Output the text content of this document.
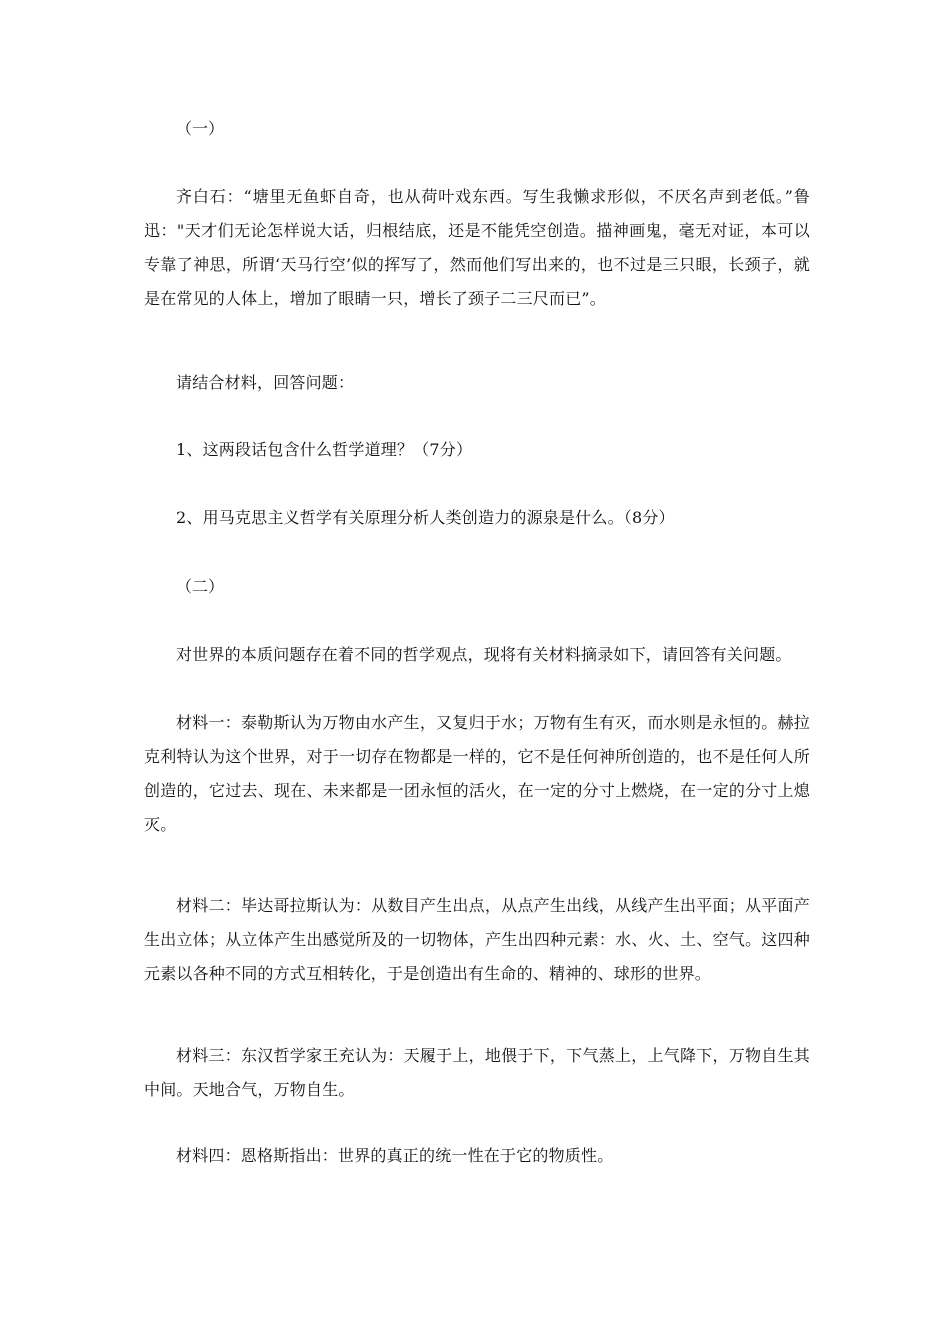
（一）

齐白石：“塘里无鱼虾自奇，也从荷叶戏东西。写生我懒求形似，不厌名声到老低。”鲁迅："天才们无论怎样说大话，归根结底，还是不能凭空创造。描神画鬼，毫无对证，本可以专靠了神思，所谓‘天马行空’似的挥写了，然而他们写出来的，也不过是三只眼，长颈子，就是在常见的人体上，增加了眼睛一只，增长了颈子二三尺而已”。

请结合材料，回答问题：

1、这两段话包含什么哲学道理？（7分）

2、用马克思主义哲学有关原理分析人类创造力的源泉是什么。（8分）

（二）

对世界的本质问题存在着不同的哲学观点，现将有关材料摘录如下，请回答有关问题。

材料一：泰勒斯认为万物由水产生，又复归于水；万物有生有灭，而水则是永恒的。赫拉克利特认为这个世界，对于一切存在物都是一样的，它不是任何神所创造的，也不是任何人所创造的，它过去、现在、未来都是一团永恒的活火，在一定的分寸上燃烧，在一定的分寸上熄灭。

材料二：毕达哥拉斯认为：从数目产生出点，从点产生出线，从线产生出平面；从平面产生出立体；从立体产生出感觉所及的一切物体，产生出四种元素：水、火、土、空气。这四种元素以各种不同的方式互相转化，于是创造出有生命的、精神的、球形的世界。

材料三：东汉哲学家王充认为：天履于上，地偎于下，下气蒸上，上气降下，万物自生其中间。天地合气，万物自生。

材料四：恩格斯指出：世界的真正的统一性在于它的物质性。
